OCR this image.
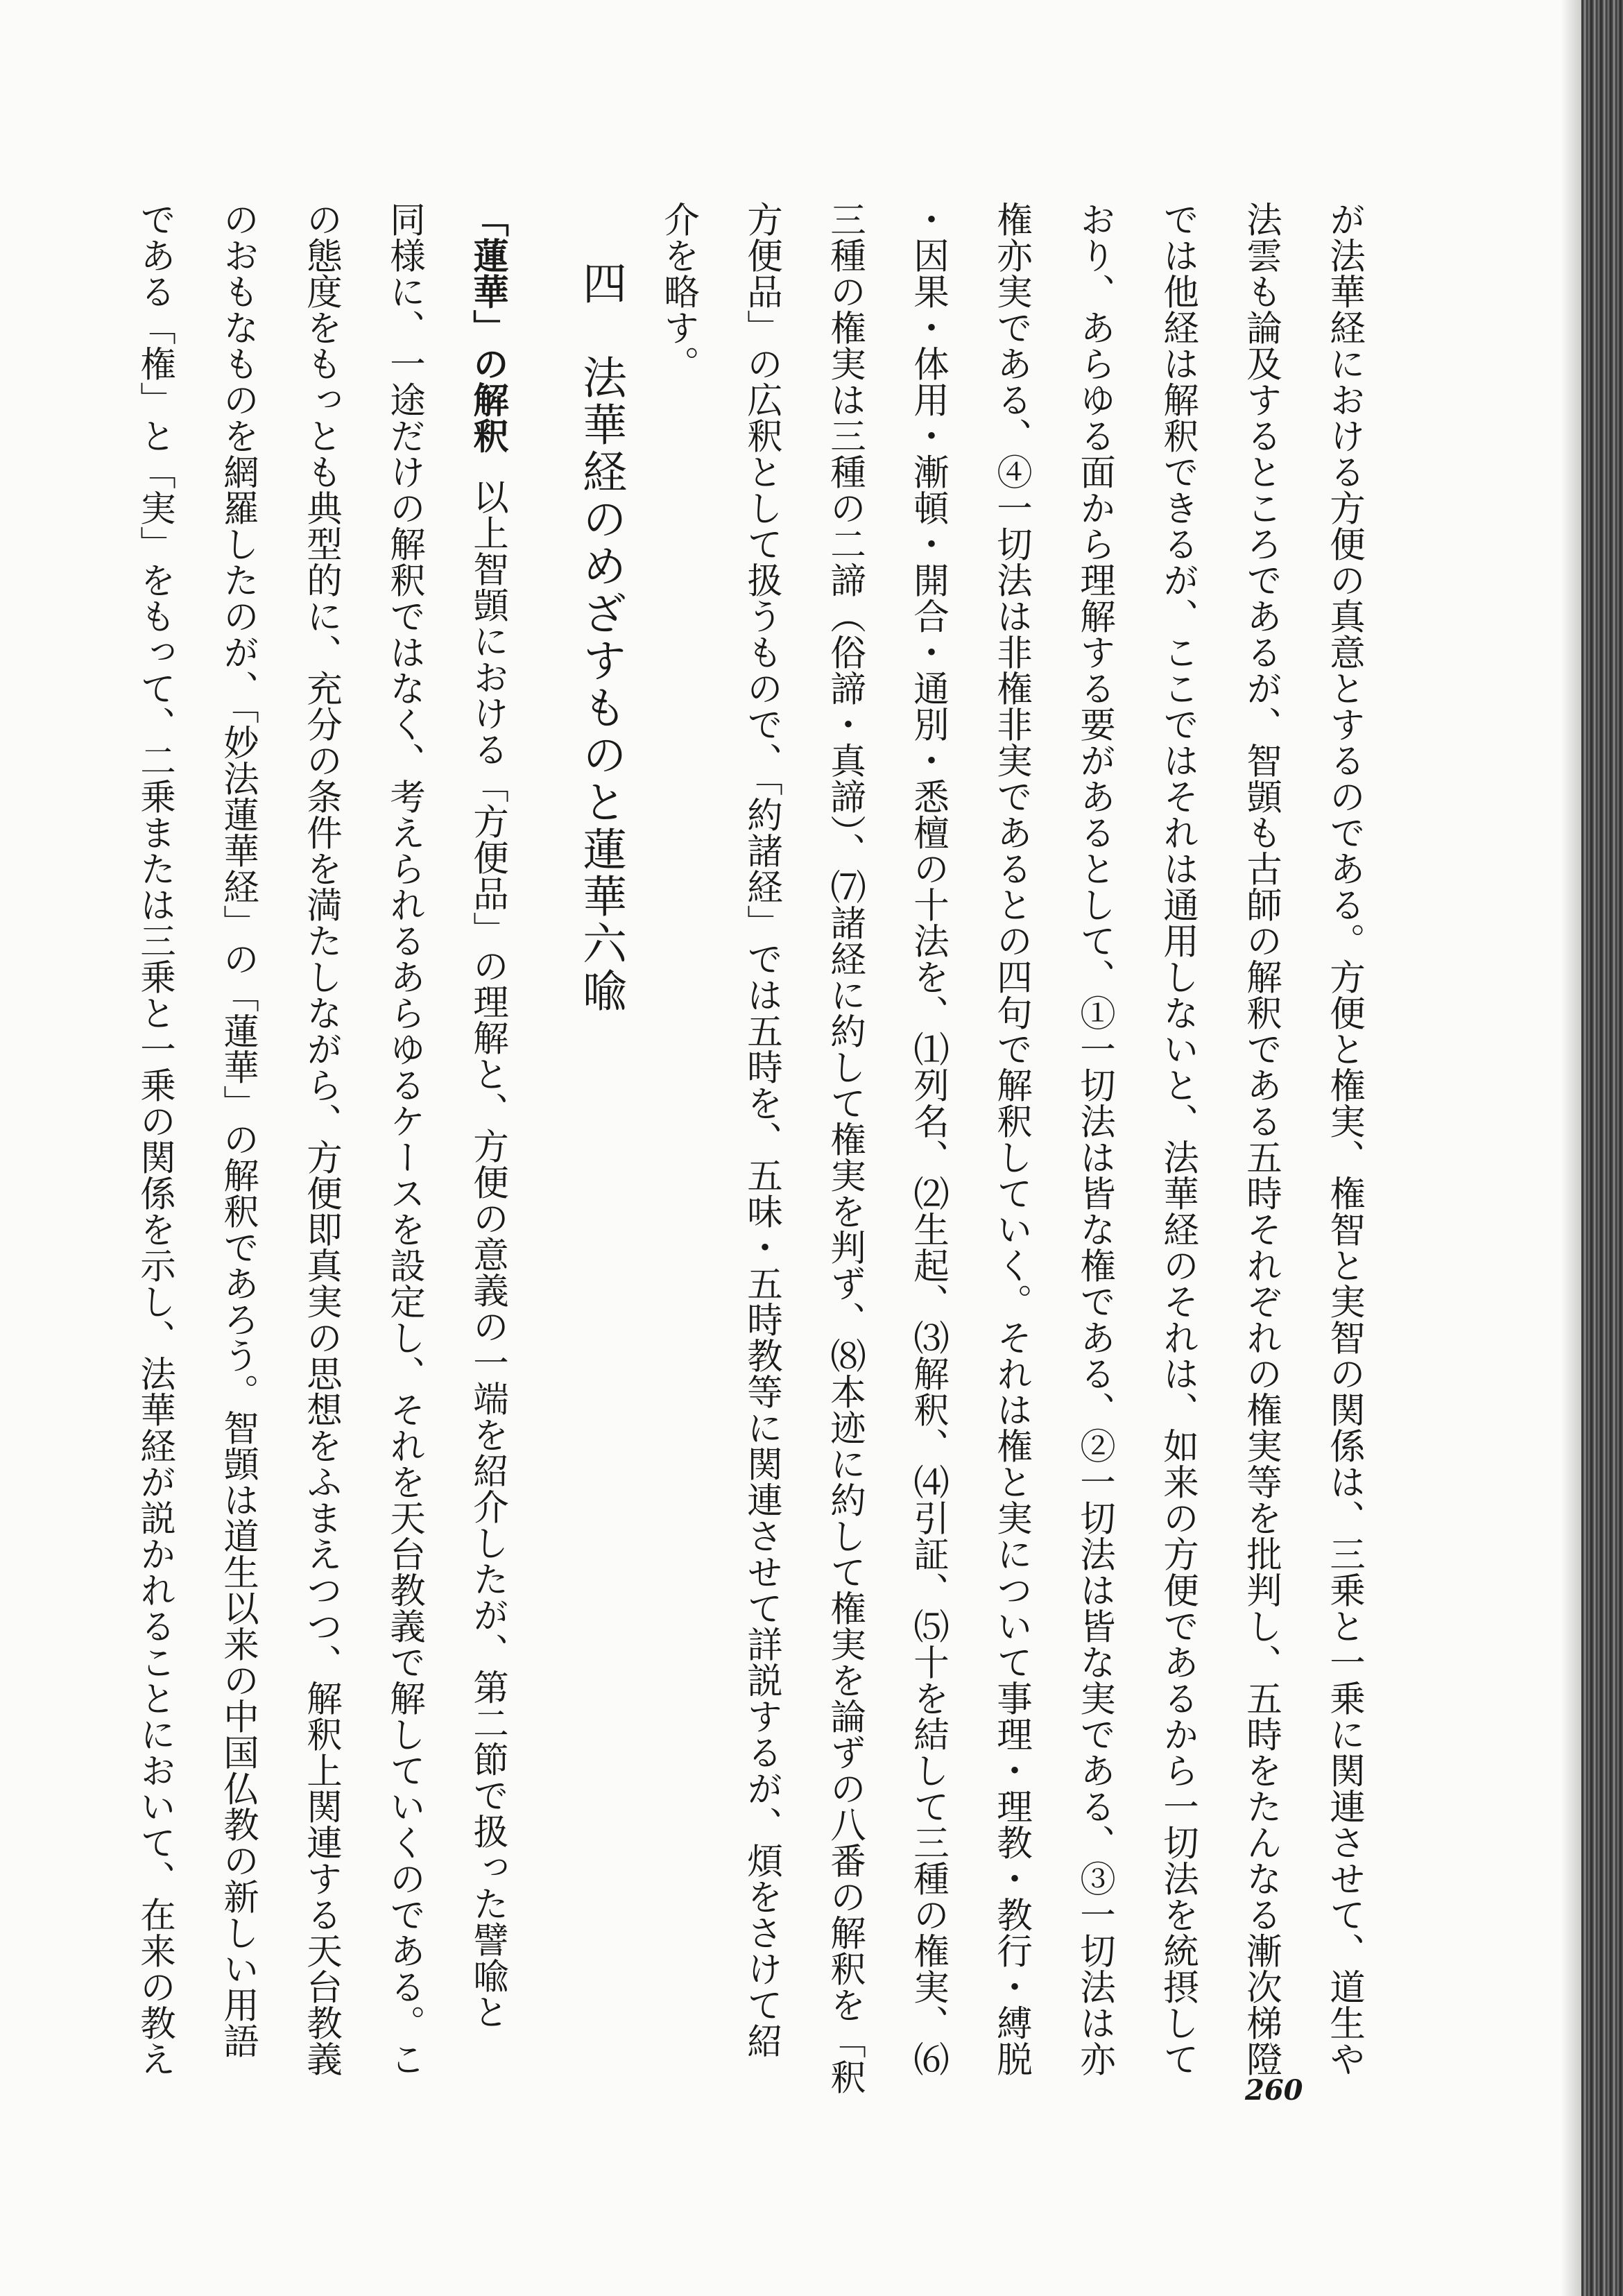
が法華経における方便の真意とするのである。方便と権実、権智と実智の関係は、三乗と一乗に関連させて、道生や
法雲も論及するところであるが、智顗も古師の解釈である五時それぞれの権実等を批判し、五時をたんなる漸次梯隥
では他経は解釈できるが、ここではそれは通用しないと、法華経のそれは、如来の方便であるから一切法を統摂して
おり、あらゆる面から理解する要があるとして、①一切法は皆な権である、②一切法は皆な実である、③一切法は亦
権亦実である、④一切法は非権非実であるとの四句で解釈していく。それは権と実について事理・理教・教行・縛脱
・因果・体用・漸頓・開合・通別・悉檀の十法を、⑴列名、⑵生起、⑶解釈、⑷引証、⑸十を結して三種の権実、⑹
三種の権実は三種の二諦（俗諦・真諦）、⑺諸経に約して権実を判ず、⑻本迹に約して権実を論ずの八番の解釈を「釈
方便品」の広釈として扱うもので、「約諸経」では五時を、五味・五時教等に関連させて詳説するが、煩をさけて紹
介を略す。
四　法華経のめざすものと蓮華六喩
「蓮華」の解釈以上智顗における「方便品」の理解と、方便の意義の一端を紹介したが、第二節で扱った譬喩と
同様に、一途だけの解釈ではなく、考えられるあらゆるケースを設定し、それを天台教義で解していくのである。こ
の態度をもっとも典型的に、充分の条件を満たしながら、方便即真実の思想をふまえつつ、解釈上関連する天台教義
のおもなものを網羅したのが、「妙法蓮華経」の「蓮華」の解釈であろう。智顗は道生以来の中国仏教の新しい用語
である「権」と「実」をもって、二乗または三乗と一乗の関係を示し、法華経が説かれることにおいて、在来の教え
260
